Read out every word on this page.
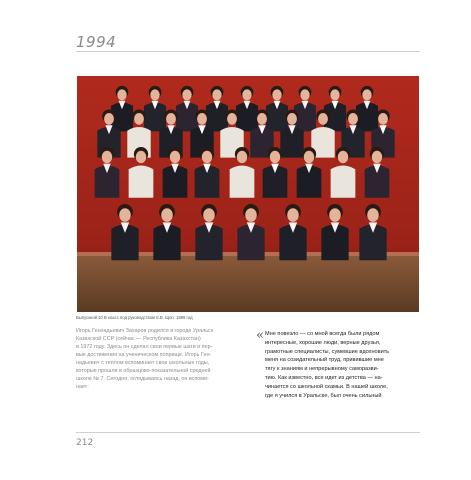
1994
Выпускной 10 В класс под руководством Е.В. Щоп. 1989 год

Игорь Геннадьевич Захаров родился в городе Уральск

Казахской ССР (сейчас — Республика Казахстан)

в 1972 году. Здесь он сделал свои первые шаги и пер-

вые достижения на ученическом поприще. Игорь Ген-

надьевич с теплом вспоминает свои школьные годы,

которые прошли в образцово-показательной средней

школе № 7. Сегодня, оглядываясь назад, он вспоми-

нает:

« Мне повезло — со мной всегда были рядом

интересные, хорошие люди, верные друзья,

грамотные специалисты, сумевшие вдохновить

меня на созидательный труд, привившие мне

тягу к знаниям и непрерывному саморазви-

тию. Как известно, все идет из детства — на-

чинается со школьной скамьи. В нашей школе,

где я учился в Уральске, был очень сильный

212
